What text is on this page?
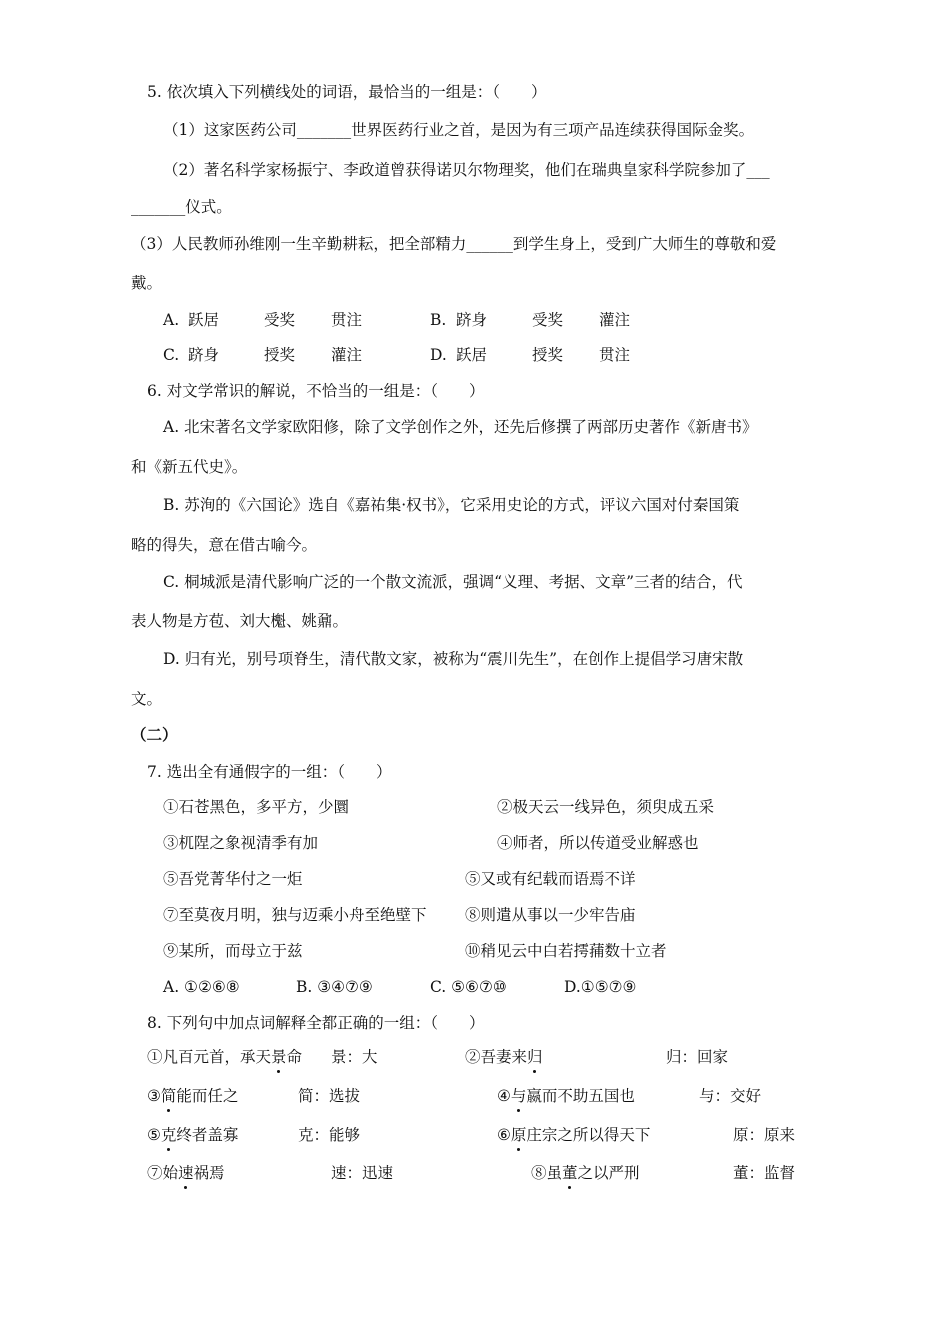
5. 依次填入下列横线处的词语，最恰当的一组是：（　　）
（1）这家医药公司_______世界医药行业之首，是因为有三项产品连续获得国际金奖。
（2）著名科学家杨振宁、李政道曾获得诺贝尔物理奖，他们在瑞典皇家科学院参加了___
_______仪式。
（3）人民教师孙维刚一生辛勤耕耘，把全部精力______到学生身上，受到广大师生的尊敬和爱
戴。
A. 跃居	受奖 贯注	B. 跻身	受奖 灌注
C. 跻身	授奖 灌注	D. 跃居	授奖 贯注
6. 对文学常识的解说，不恰当的一组是：（　　）
A. 北宋著名文学家欧阳修，除了文学创作之外，还先后修撰了两部历史著作《新唐书》
和《新五代史》。
B. 苏洵的《六国论》选自《嘉祐集·权书》，它采用史论的方式，评议六国对付秦国策
略的得失，意在借古喻今。
C. 桐城派是清代影响广泛的一个散文流派，强调“义理、考据、文章”三者的结合，代
表人物是方苞、刘大櫆、姚鼐。
D. 归有光，别号项脊生，清代散文家，被称为“震川先生”，在创作上提倡学习唐宋散
文。
（二）
7. 选出全有通假字的一组：（　　）
①石苍黑色，多平方，少圜	②极天云一线异色，须臾成五采
③杌陧之象视清季有加	④师者，所以传道受业解惑也
⑤吾党菁华付之一炬	⑤又或有纪载而语焉不详
⑦至莫夜月明，独与迈乘小舟至绝壁下 ⑧则遣从事以一少牢告庙
⑨某所，而母立于兹	⑩稍见云中白若摴蒱数十立者
A. ①②⑥⑧	B. ③④⑦⑨	C. ⑤⑥⑦⑩	D.①⑤⑦⑨
8. 下列句中加点词解释全都正确的一组：（　　）
①凡百元首，承天景命 景：大	②吾妻来归	归：回家
③简能而任之	简：选拔	④与嬴而不助五国也	与：交好
⑤克终者盖寡	克：能够	⑥原庄宗之所以得天下	原：原来
⑦始速祸焉	速：迅速	⑧虽董之以严刑	董：监督
